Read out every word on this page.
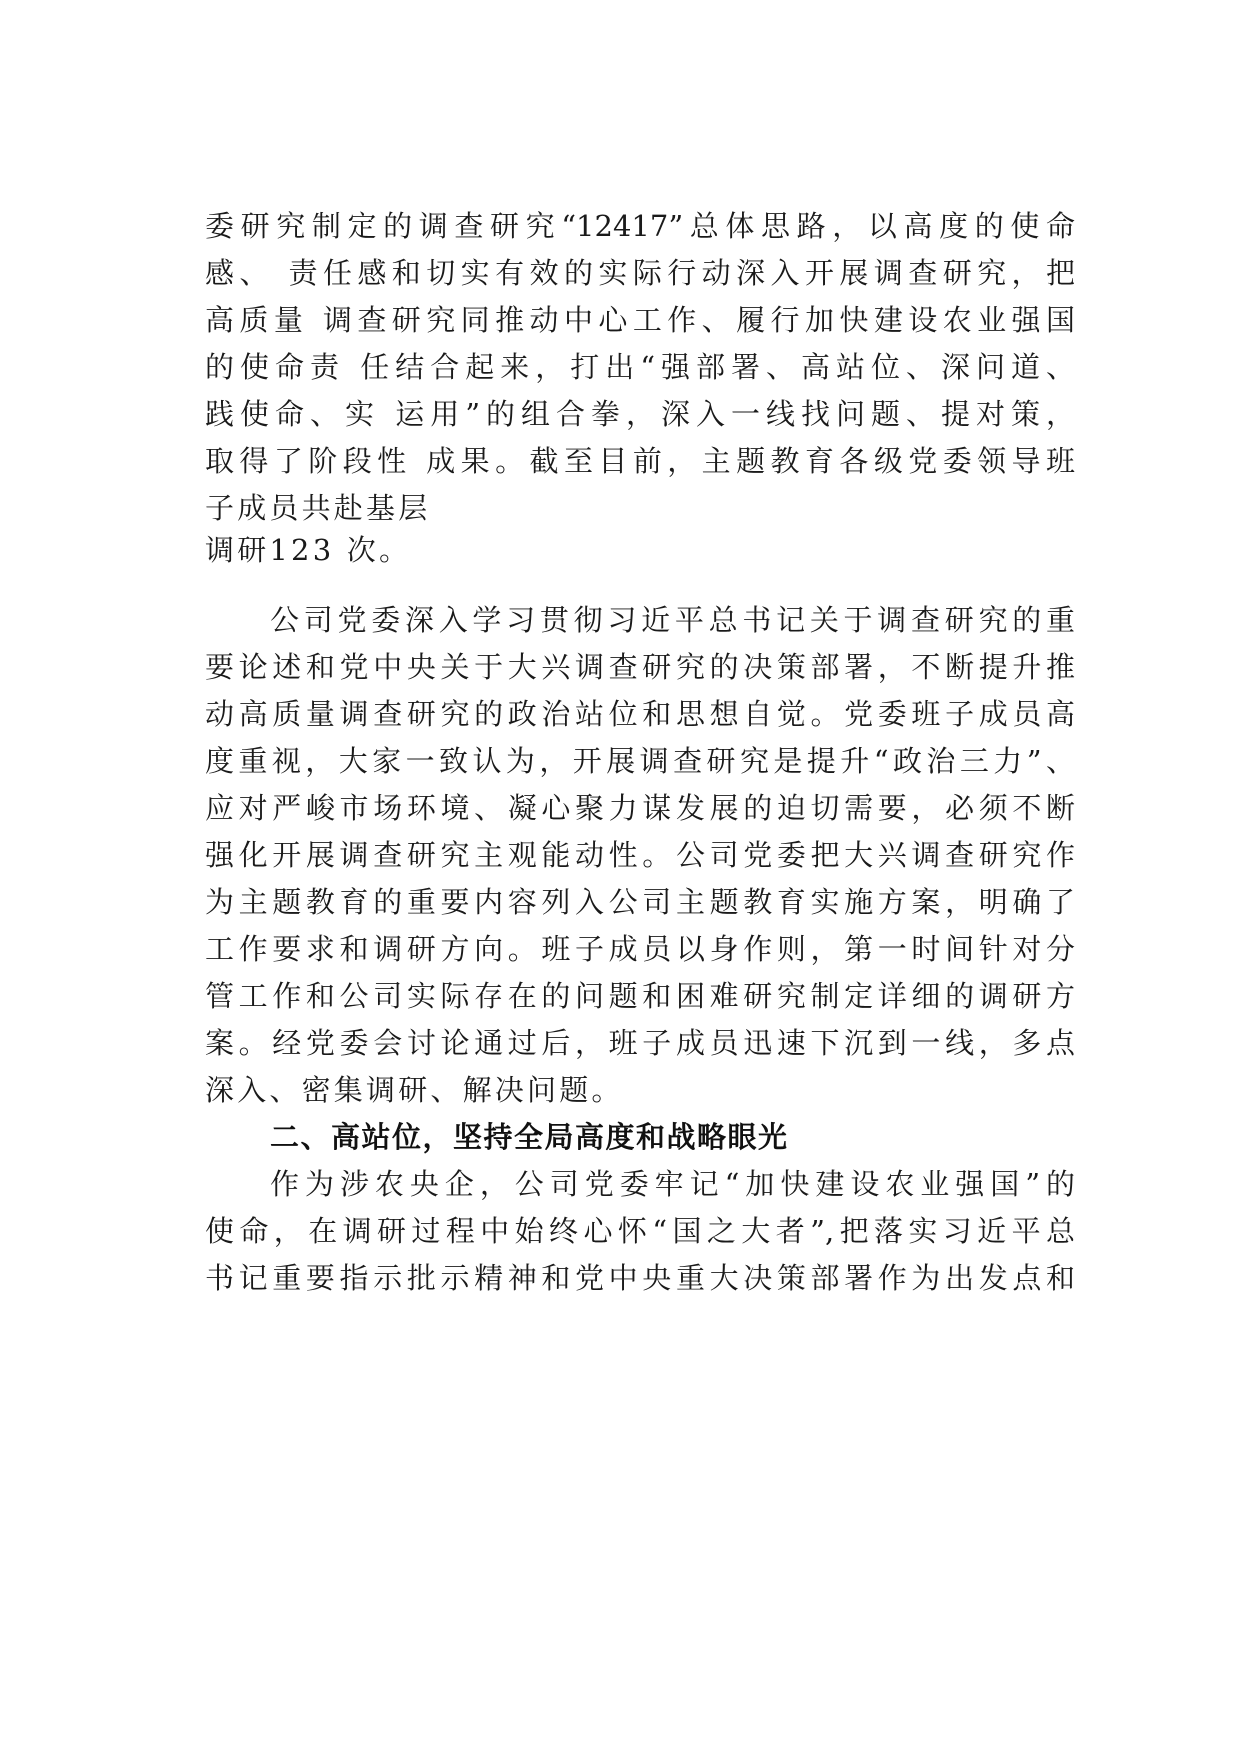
委研究制定的调查研究“12417”总体思路，以高度的使命
感、 责任感和切实有效的实际行动深入开展调查研究，把
高质量 调查研究同推动中心工作、履行加快建设农业强国
的使命责 任结合起来，打出“强部署、高站位、深问道、
践使命、实 运用”的组合拳，深入一线找问题、提对策，
取得了阶段性 成果。截至目前，主题教育各级党委领导班
子成员共赴基层
调研123 次。
公司党委深入学习贯彻习近平总书记关于调查研究的重
要论述和党中央关于大兴调查研究的决策部署，不断提升推
动高质量调查研究的政治站位和思想自觉。党委班子成员高
度重视，大家一致认为，开展调查研究是提升“政治三力”、
应对严峻市场环境、凝心聚力谋发展的迫切需要，必须不断
强化开展调查研究主观能动性。公司党委把大兴调查研究作
为主题教育的重要内容列入公司主题教育实施方案，明确了
工作要求和调研方向。班子成员以身作则，第一时间针对分
管工作和公司实际存在的问题和困难研究制定详细的调研方
案。经党委会讨论通过后，班子成员迅速下沉到一线，多点
深入、密集调研、解决问题。
二、高站位，坚持全局高度和战略眼光
作为涉农央企，公司党委牢记“加快建设农业强国”的
使命，在调研过程中始终心怀“国之大者”,把落实习近平总
书记重要指示批示精神和党中央重大决策部署作为出发点和
